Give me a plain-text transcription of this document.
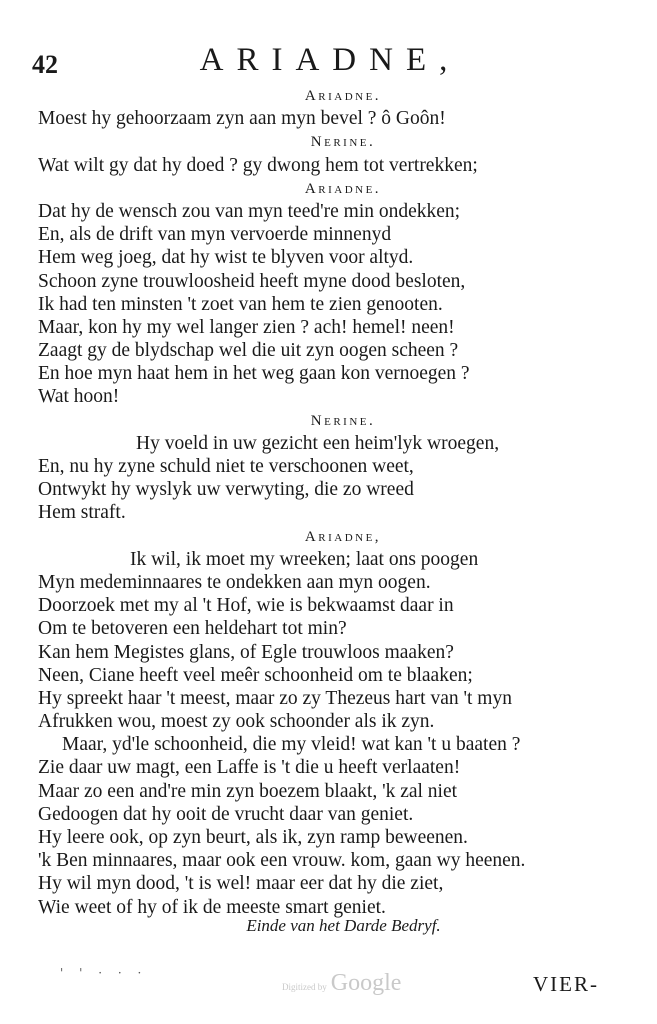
42	ARIADNE,
Ariadne.
Moest hy gehoorzaam zyn aan myn bevel ? ô Goôn!
Nerine.
Wat wilt gy dat hy doed ? gy dwong hem tot vertrekken;
Ariadne.
Dat hy de wensch zou van myn teed're min ondekken;
En, als de drift van myn vervoerde minnenyd
Hem weg joeg, dat hy wist te blyven voor altyd.
Schoon zyne trouwloosheid heeft myne dood besloten,
Ik had ten minsten 't zoet van hem te zien genooten.
Maar, kon hy my wel langer zien ? ach! hemel! neen!
Zaagt gy de blydschap wel die uit zyn oogen scheen ?
En hoe myn haat hem in het weg gaan kon vernoegen ?
Wat hoon!
Nerine.
Hy voeld in uw gezicht een heim'lyk wroegen,
En, nu hy zyne schuld niet te verschoonen weet,
Ontwykt hy wyslyk uw verwyting, die zo wreed
Hem straft.
Ariadne,
Ik wil, ik moet my wreeken; laat ons poogen
Myn medeminnaares te ondekken aan myn oogen.
Doorzoek met my al 't Hof, wie is bekwaamst daar in
Om te betoveren een heldehart tot min?
Kan hem Megistes glans, of Egle trouwloos maaken?
Neen, Ciane heeft veel meêr schoonheid om te blaaken;
Hy spreekt haar 't meest, maar zo zy Thezeus hart van 't myn
Afrukken wou, moest zy ook schoonder als ik zyn.
Maar, yd'le schoonheid, die my vleid! wat kan 't u baaten ?
Zie daar uw magt, een Laffe is 't die u heeft verlaaten!
Maar zo een and're min zyn boezem blaakt, 'k zal niet
Gedoogen dat hy ooit de vrucht daar van geniet.
Hy leere ook, op zyn beurt, als ik, zyn ramp beweenen.
'k Ben minnaares, maar ook een vrouw. kom, gaan wy heenen.
Hy wil myn dood, 't is wel! maar eer dat hy die ziet,
Wie weet of hy of ik de meeste smart geniet.
Einde van het Darde Bedryf.
' ' · · ·
Digitized by Google	VIER-
